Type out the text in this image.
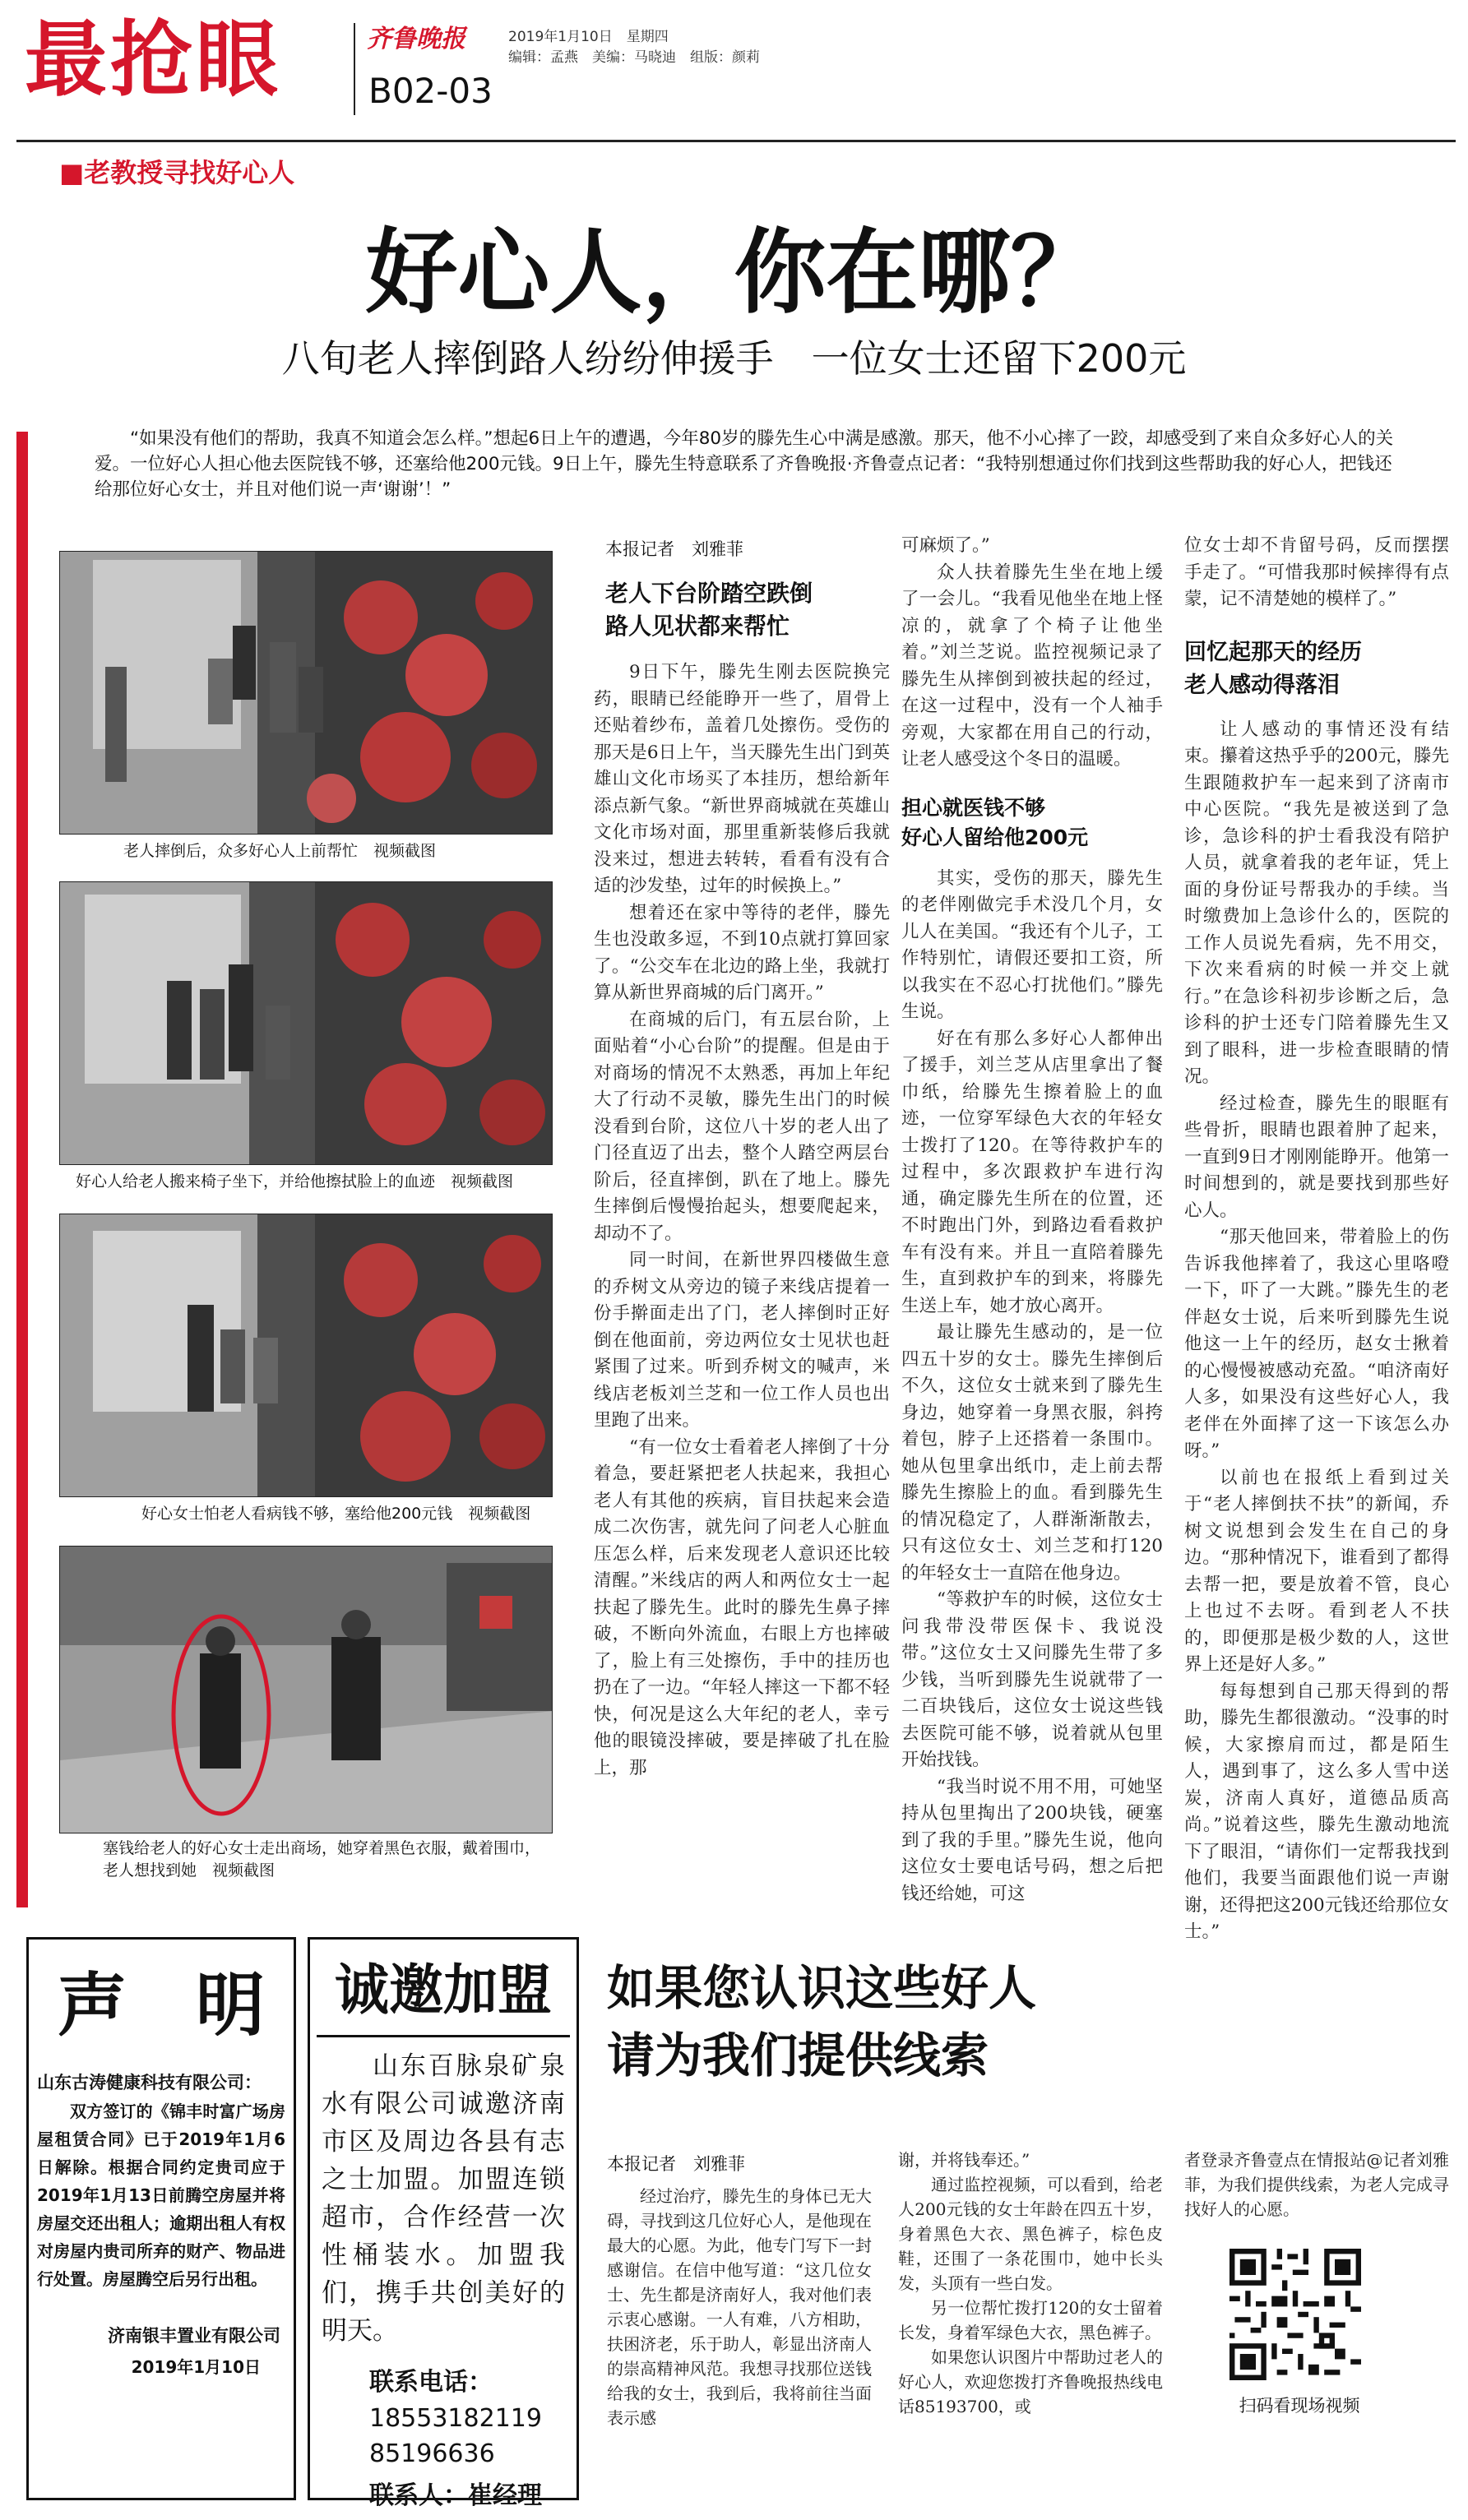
最抢眼	齐鲁晚报	2019年1月10日　星期四
编辑：孟燕　美编：马晓迪　组版：颜莉
B02-03
■老教授寻找好心人
好心人，你在哪？
八旬老人摔倒路人纷纷伸援手　一位女士还留下200元
“如果没有他们的帮助，我真不知道会怎么样。”想起6日上午的遭遇，今年80岁的滕先生心中满是感激。那天，他不小心摔了一跤，却感受到了来自众多好心人的关爱。一位好心人担心他去医院钱不够，还塞给他200元钱。9日上午，滕先生特意联系了齐鲁晚报·齐鲁壹点记者：“我特别想通过你们找到这些帮助我的好心人，把钱还给那位好心女士，并且对他们说一声‘谢谢’！”
老人摔倒后，众多好心人上前帮忙　视频截图
好心人给老人搬来椅子坐下，并给他擦拭脸上的血迹　视频截图
好心女士怕老人看病钱不够，塞给他200元钱　视频截图
塞钱给老人的好心女士走出商场，她穿着黑色衣服，戴着围巾，老人想找到她　视频截图
本报记者　刘雅菲
老人下台阶踏空跌倒
路人见状都来帮忙

9日下午，滕先生刚去医院换完药，眼睛已经能睁开一些了，眉骨上还贴着纱布，盖着几处擦伤。受伤的那天是6日上午，当天滕先生出门到英雄山文化市场买了本挂历，想给新年添点新气象。“新世界商城就在英雄山文化市场对面，那里重新装修后我就没来过，想进去转转，看看有没有合适的沙发垫，过年的时候换上。”

想着还在家中等待的老伴，滕先生也没敢多逗，不到10点就打算回家了。“公交车在北边的路上坐，我就打算从新世界商城的后门离开。”

在商城的后门，有五层台阶，上面贴着“小心台阶”的提醒。但是由于对商场的情况不太熟悉，再加上年纪大了行动不灵敏，滕先生出门的时候没看到台阶，这位八十岁的老人出了门径直迈了出去，整个人踏空两层台阶后，径直摔倒，趴在了地上。滕先生摔倒后慢慢抬起头，想要爬起来，却动不了。

同一时间，在新世界四楼做生意的乔树文从旁边的镜子来线店提着一份手擀面走出了门，老人摔倒时正好倒在他面前，旁边两位女士见状也赶紧围了过来。听到乔树文的喊声，米线店老板刘兰芝和一位工作人员也出里跑了出来。

“有一位女士看着老人摔倒了十分着急，要赶紧把老人扶起来，我担心老人有其他的疾病，盲目扶起来会造成二次伤害，就先问了问老人心脏血压怎么样，后来发现老人意识还比较清醒。”米线店的两人和两位女士一起扶起了滕先生。此时的滕先生鼻子摔破，不断向外流血，右眼上方也摔破了，脸上有三处擦伤，手中的挂历也扔在了一边。“年轻人摔这一下都不轻快，何况是这么大年纪的老人，幸亏他的眼镜没摔破，要是摔破了扎在脸上，那

可麻烦了。”

众人扶着滕先生坐在地上缓了一会儿。“我看见他坐在地上怪凉的，就拿了个椅子让他坐着。”刘兰芝说。监控视频记录了滕先生从摔倒到被扶起的经过，在这一过程中，没有一个人袖手旁观，大家都在用自己的行动，让老人感受这个冬日的温暖。

担心就医钱不够
好心人留给他200元

其实，受伤的那天，滕先生的老伴刚做完手术没几个月，女儿人在美国。“我还有个儿子，工作特别忙，请假还要扣工资，所以我实在不忍心打扰他们。”滕先生说。

好在有那么多好心人都伸出了援手，刘兰芝从店里拿出了餐巾纸，给滕先生擦着脸上的血迹，一位穿军绿色大衣的年轻女士拨打了120。在等待救护车的过程中，多次跟救护车进行沟通，确定滕先生所在的位置，还不时跑出门外，到路边看看救护车有没有来。并且一直陪着滕先生，直到救护车的到来，将滕先生送上车，她才放心离开。

最让滕先生感动的，是一位四五十岁的女士。滕先生摔倒后不久，这位女士就来到了滕先生身边，她穿着一身黑衣服，斜挎着包，脖子上还搭着一条围巾。她从包里拿出纸巾，走上前去帮滕先生擦脸上的血。看到滕先生的情况稳定了，人群渐渐散去，只有这位女士、刘兰芝和打120的年轻女士一直陪在他身边。

“等救护车的时候，这位女士问我带没带医保卡、我说没带。”这位女士又问滕先生带了多少钱，当听到滕先生说就带了一二百块钱后，这位女士说这些钱去医院可能不够，说着就从包里开始找钱。

“我当时说不用不用，可她坚持从包里掏出了200块钱，硬塞到了我的手里。”滕先生说，他向这位女士要电话号码，想之后把钱还给她，可这

位女士却不肯留号码，反而摆摆手走了。“可惜我那时候摔得有点蒙，记不清楚她的模样了。”

回忆起那天的经历
老人感动得落泪

让人感动的事情还没有结束。攥着这热乎乎的200元，滕先生跟随救护车一起来到了济南市中心医院。“我先是被送到了急诊，急诊科的护士看我没有陪护人员，就拿着我的老年证，凭上面的身份证号帮我办的手续。当时缴费加上急诊什么的，医院的工作人员说先看病，先不用交，下次来看病的时候一并交上就行。”在急诊科初步诊断之后，急诊科的护士还专门陪着滕先生又到了眼科，进一步检查眼睛的情况。

经过检查，滕先生的眼眶有些骨折，眼睛也跟着肿了起来，一直到9日才刚刚能睁开。他第一时间想到的，就是要找到那些好心人。

“那天他回来，带着脸上的伤告诉我他摔着了，我这心里咯噔一下，吓了一大跳。”滕先生的老伴赵女士说，后来听到滕先生说他这一上午的经历，赵女士揪着的心慢慢被感动充盈。“咱济南好人多，如果没有这些好心人，我老伴在外面摔了这一下该怎么办呀。”

以前也在报纸上看到过关于“老人摔倒扶不扶”的新闻，乔树文说想到会发生在自己的身边。“那种情况下，谁看到了都得去帮一把，要是放着不管，良心上也过不去呀。看到老人不扶的，即便那是极少数的人，这世界上还是好人多。”

每每想到自己那天得到的帮助，滕先生都很激动。“没事的时候，大家擦肩而过，都是陌生人，遇到事了，这么多人雪中送炭，济南人真好，道德品质高尚。”说着这些，滕先生激动地流下了眼泪，“请你们一定帮我找到他们，我要当面跟他们说一声谢谢，还得把这200元钱还给那位女士。”

声　明
山东古涛健康科技有限公司：
双方签订的《锦丰时富广场房屋租赁合同》已于2019年1月6日解除。根据合同约定贵司应于2019年1月13日前腾空房屋并将房屋交还出租人；逾期出租人有权对房屋内贵司所弃的财产、物品进行处置。房屋腾空后另行出租。
济南银丰置业有限公司
2019年1月10日
诚邀加盟
山东百脉泉矿泉水有限公司诚邀济南市区及周边各县有志之士加盟。加盟连锁超市，合作经营一次性桶装水。加盟我们，携手共创美好的明天。
联系电话：
18553182119
85196636
联系人：崔经理
如果您认识这些好人
请为我们提供线索
本报记者　刘雅菲

经过治疗，滕先生的身体已无大碍，寻找到这几位好心人，是他现在最大的心愿。为此，他专门写下一封感谢信。在信中他写道：“这几位女士、先生都是济南好人，我对他们表示衷心感谢。一人有难，八方相助，扶困济老，乐于助人，彰显出济南人的崇高精神风范。我想寻找那位送钱给我的女士，我到后，我将前往当面表示感

谢，并将钱奉还。”

通过监控视频，可以看到，给老人200元钱的女士年龄在四五十岁，身着黑色大衣、黑色裤子，棕色皮鞋，还围了一条花围巾，她中长头发，头顶有一些白发。

另一位帮忙拨打120的女士留着长发，身着军绿色大衣，黑色裤子。

如果您认识图片中帮助过老人的好心人，欢迎您拨打齐鲁晚报热线电话85193700，或

者登录齐鲁壹点在情报站@记者刘雅菲，为我们提供线索，为老人完成寻找好人的心愿。

扫码看现场视频
